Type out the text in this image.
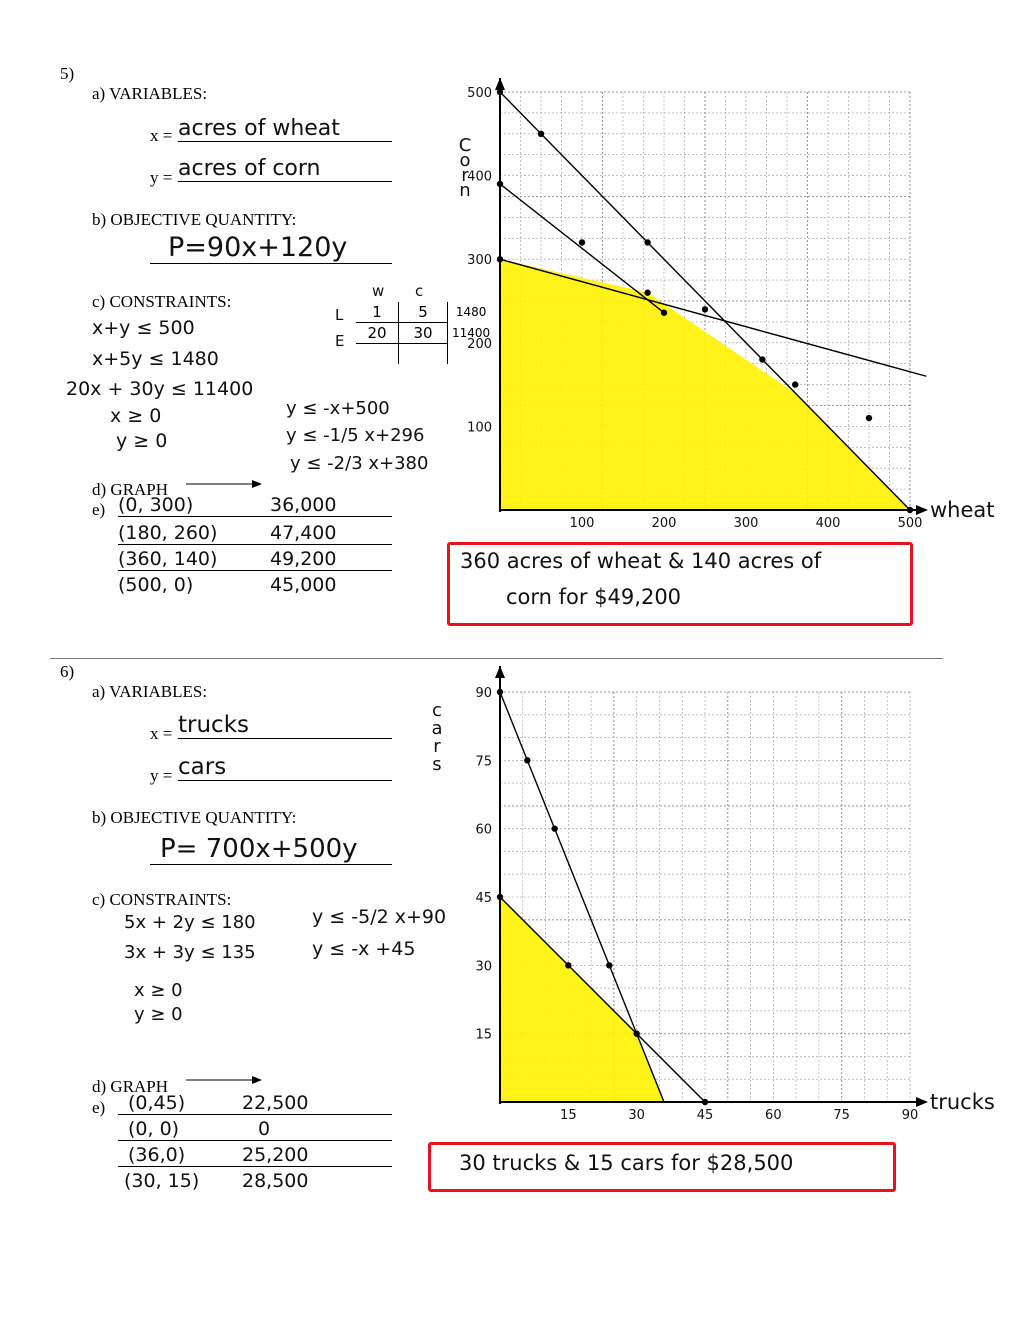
5)
a) VARIABLES:
x = acres of wheat
y = acres of corn
b) OBJECTIVE QUANTITY:
P=90x+120y
c) CONSTRAINTS:
x+y ≤ 500
x+5y ≤ 1480
20x + 30y ≤ 11400
x ≥ 0
y ≥ 0
w c
L
E
1	5	1480
20	30	11400

y ≤ -x+500
y ≤ -1/5 x+296
y ≤ -2/3 x+380
d) GRAPH
e) (0, 300)	36,000
(180, 260)	47,400
(360, 140)	49,200
(500, 0)	45,000
360 acres of wheat & 140 acres of
corn for $49,200
500
400
300
200
100
100	200	300	400	500
wheat
C
o
r
n
6)
a) VARIABLES:
x = trucks
y = cars
b) OBJECTIVE QUANTITY:
P= 700x+500y
c) CONSTRAINTS:
5x + 2y ≤ 180
3x + 3y ≤ 135
x ≥ 0
y ≥ 0
y ≤ -5/2 x+90
y ≤ -x +45
d) GRAPH
e)	(0,45)	22,500
(0, 0)	0
(36,0)	25,200
(30, 15) 28,500
30 trucks & 15 cars for $28,500
90
75
60
45
30
15
15	30	45	60	75	90
trucks
c
a
r
s
